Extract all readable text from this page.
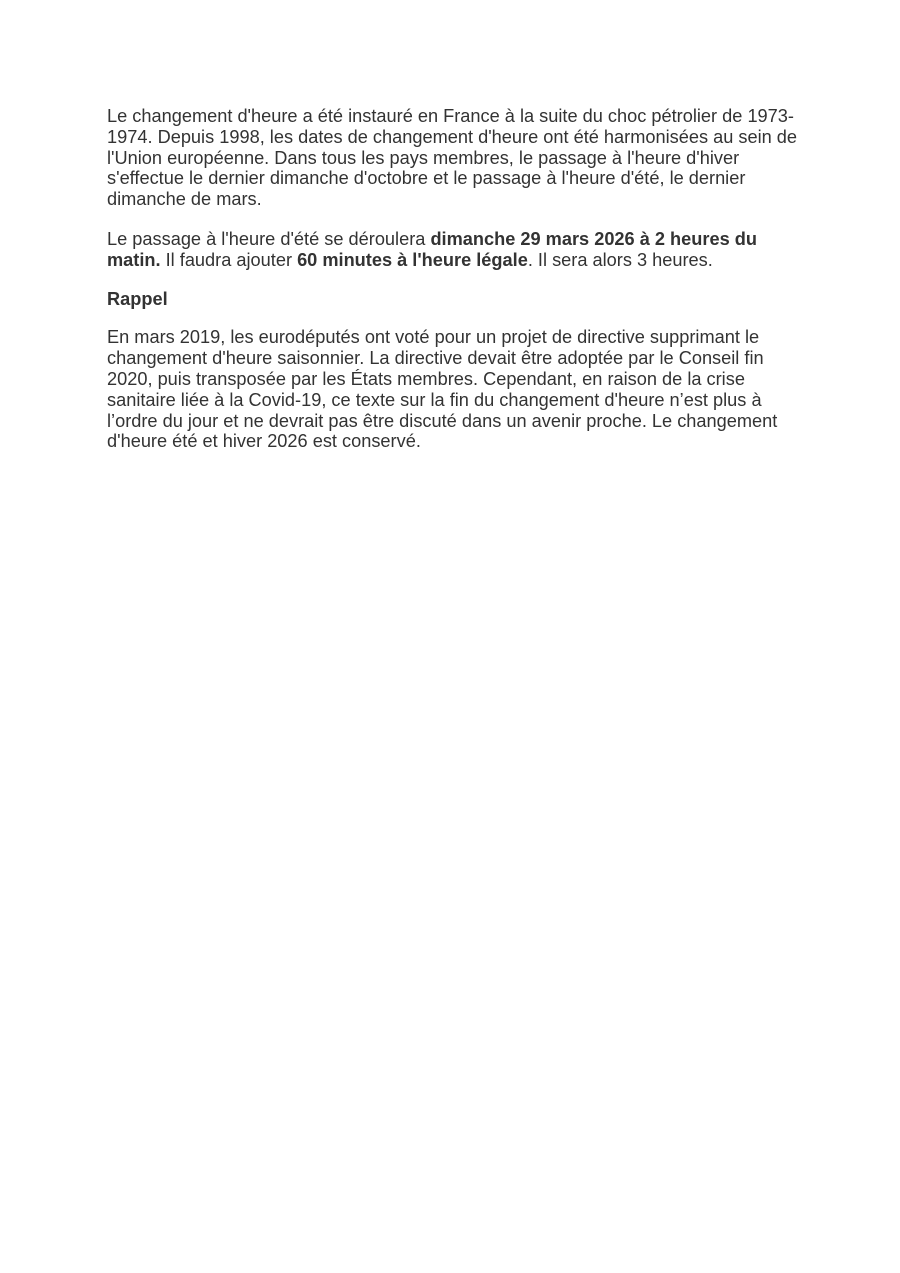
Le changement d'heure a été instauré en France à la suite du choc pétrolier de 1973-1974. Depuis 1998, les dates de changement d'heure ont été harmonisées au sein de l'Union européenne. Dans tous les pays membres, le passage à l'heure d'hiver s'effectue le dernier dimanche d'octobre et le passage à l'heure d'été, le dernier dimanche de mars.

Le passage à l'heure d'été se déroulera dimanche 29 mars 2026 à 2 heures du matin. Il faudra ajouter 60 minutes à l'heure légale. Il sera alors 3 heures.

Rappel

En mars 2019, les eurodéputés ont voté pour un projet de directive supprimant le changement d'heure saisonnier. La directive devait être adoptée par le Conseil fin 2020, puis transposée par les États membres. Cependant, en raison de la crise sanitaire liée à la Covid-19, ce texte sur la fin du changement d'heure n’est plus à l’ordre du jour et ne devrait pas être discuté dans un avenir proche. Le changement d'heure été et hiver 2026 est conservé.
